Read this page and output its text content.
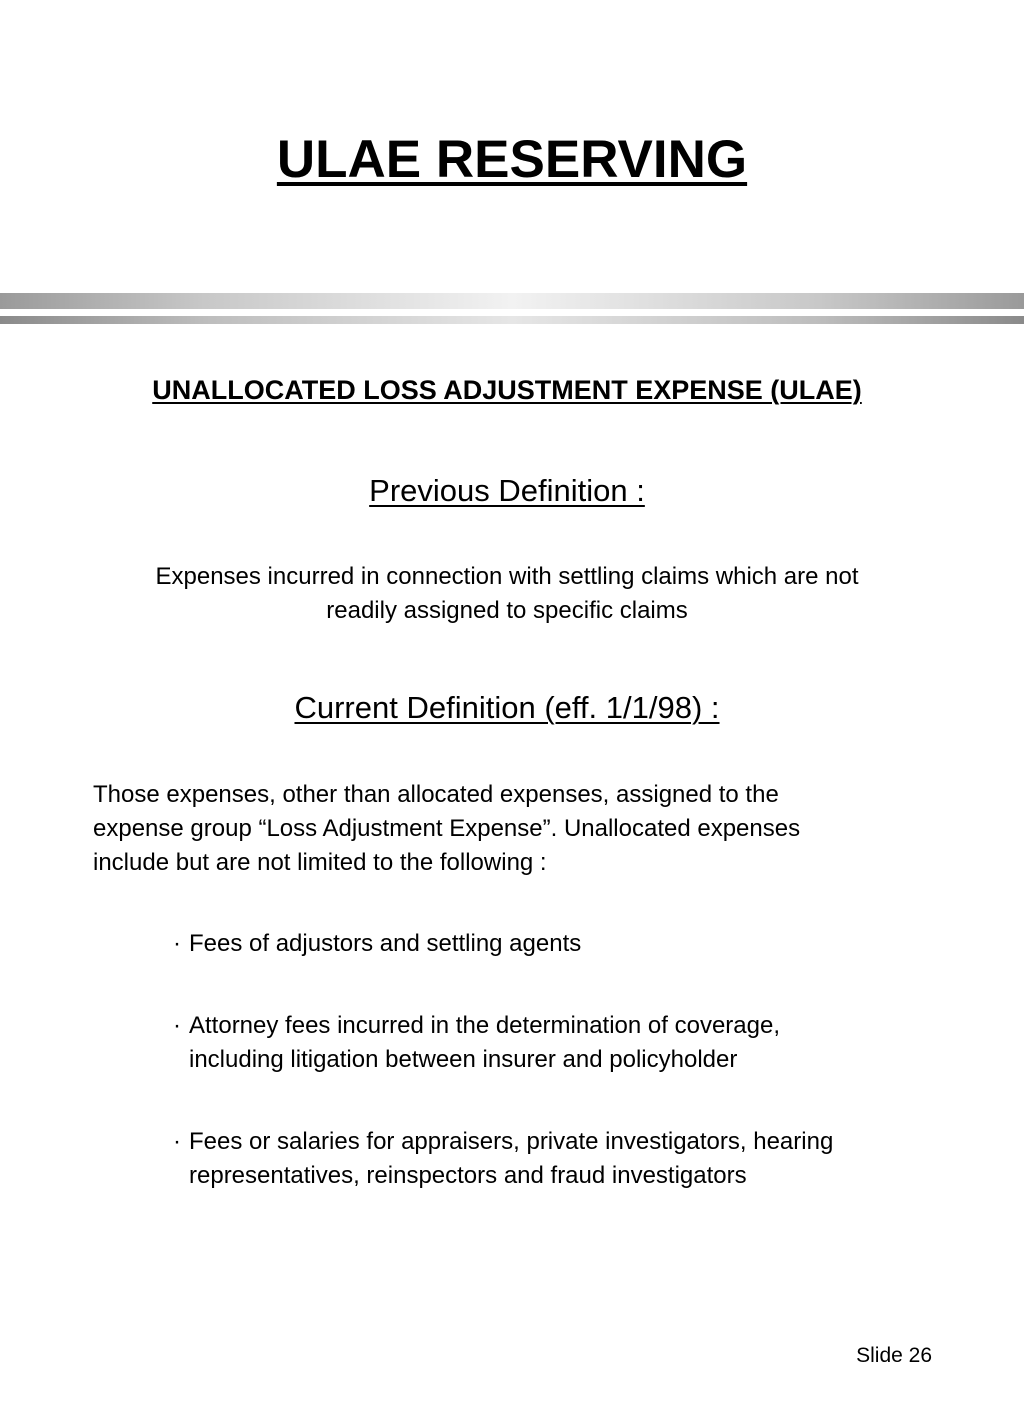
ULAE RESERVING
UNALLOCATED LOSS ADJUSTMENT EXPENSE (ULAE)
Previous Definition :
Expenses incurred in connection with settling claims which are not
readily assigned to specific claims
Current Definition (eff. 1/1/98) :
Those expenses, other than allocated expenses, assigned to the
expense group “Loss Adjustment Expense”. Unallocated expenses
include but are not limited to the following :
· Fees of adjustors and settling agents
· Attorney fees incurred in the determination of coverage,
including litigation between insurer and policyholder
· Fees or salaries for appraisers, private investigators, hearing
representatives, reinspectors and fraud investigators
Slide 26
